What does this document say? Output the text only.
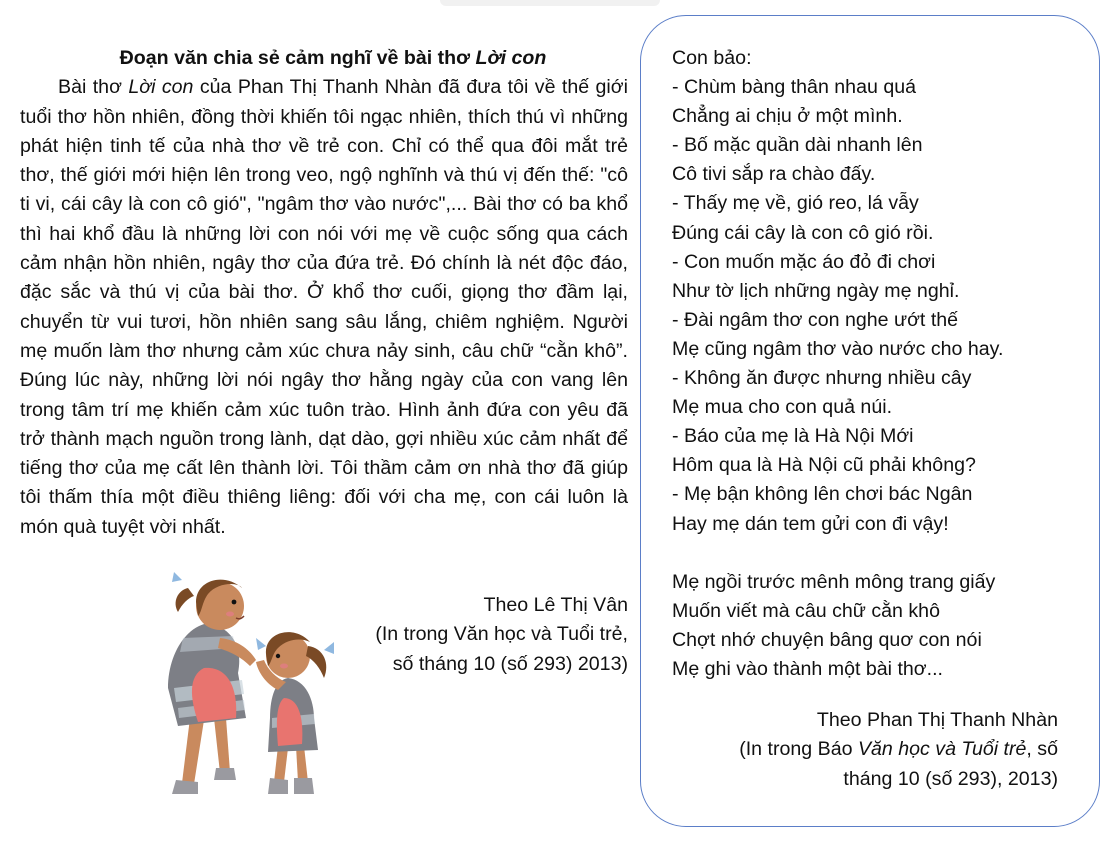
Đoạn văn chia sẻ cảm nghĩ về bài thơ Lời con

Bài thơ Lời con của Phan Thị Thanh Nhàn đã đưa tôi về thế giới tuổi thơ hồn nhiên, đồng thời khiến tôi ngạc nhiên, thích thú vì những phát hiện tinh tế của nhà thơ về trẻ con. Chỉ có thể qua đôi mắt trẻ thơ, thế giới mới hiện lên trong veo, ngộ nghĩnh và thú vị đến thế: "cô ti vi, cái cây là con cô gió", "ngâm thơ vào nước",... Bài thơ có ba khổ thì hai khổ đầu là những lời con nói với mẹ về cuộc sống qua cách cảm nhận hồn nhiên, ngây thơ của đứa trẻ. Đó chính là nét độc đáo, đặc sắc và thú vị của bài thơ. Ở khổ thơ cuối, giọng thơ đầm lại, chuyển từ vui tươi, hồn nhiên sang sâu lắng, chiêm nghiệm. Người mẹ muốn làm thơ nhưng cảm xúc chưa nảy sinh, câu chữ “cằn khô”. Đúng lúc này, những lời nói ngây thơ hằng ngày của con vang lên trong tâm trí mẹ khiến cảm xúc tuôn trào. Hình ảnh đứa con yêu đã trở thành mạch nguồn trong lành, dạt dào, gợi nhiều xúc cảm nhất để tiếng thơ của mẹ cất lên thành lời. Tôi thầm cảm ơn nhà thơ đã giúp tôi thấm thía một điều thiêng liêng: đối với cha mẹ, con cái luôn là món quà tuyệt vời nhất.

Theo Lê Thị Vân
(In trong Văn học và Tuổi trẻ,
số tháng 10 (số 293) 2013)
Con bảo:
- Chùm bàng thân nhau quá
Chẳng ai chịu ở một mình.
- Bố mặc quần dài nhanh lên
Cô tivi sắp ra chào đấy.
- Thấy mẹ về, gió reo, lá vẫy
Đúng cái cây là con cô gió rồi.
- Con muốn mặc áo đỏ đi chơi
Như tờ lịch những ngày mẹ nghỉ.
- Đài ngâm thơ con nghe ướt thế
Mẹ cũng ngâm thơ vào nước cho hay.
- Không ăn được nhưng nhiều cây
Mẹ mua cho con quả núi.
- Báo của mẹ là Hà Nội Mới
Hôm qua là Hà Nội cũ phải không?
- Mẹ bận không lên chơi bác Ngân
Hay mẹ dán tem gửi con đi vậy!
Mẹ ngồi trước mênh mông trang giấy
Muốn viết mà câu chữ cằn khô
Chợt nhớ chuyện bâng quơ con nói
Mẹ ghi vào thành một bài thơ...
Theo Phan Thị Thanh Nhàn
(In trong Báo Văn học và Tuổi trẻ, số
tháng 10 (số 293), 2013)
